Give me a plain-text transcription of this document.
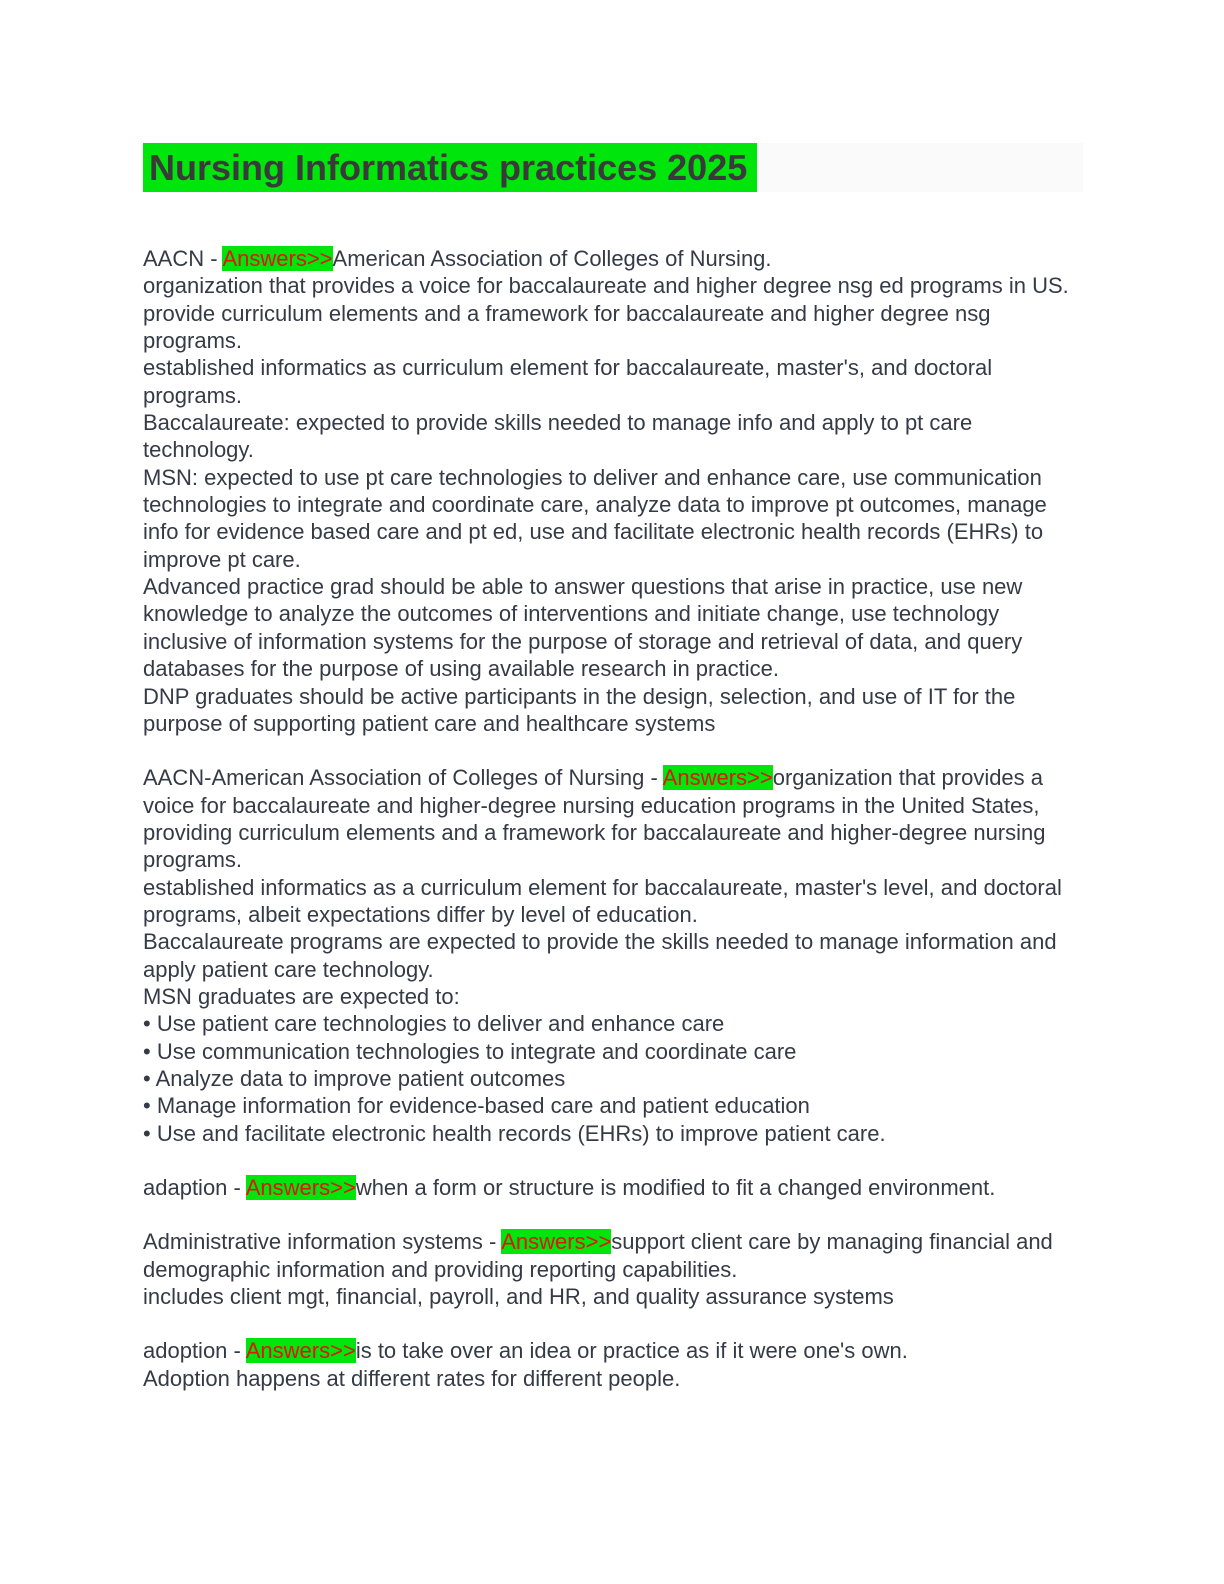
Nursing Informatics practices 2025
AACN - Answers>>American Association of Colleges of Nursing.
organization that provides a voice for baccalaureate and higher degree nsg ed programs in US.
provide curriculum elements and a framework for baccalaureate and higher degree nsg programs.
established informatics as curriculum element for baccalaureate, master's, and doctoral programs.
Baccalaureate: expected to provide skills needed to manage info and apply to pt care technology.
MSN: expected to use pt care technologies to deliver and enhance care, use communication technologies to integrate and coordinate care, analyze data to improve pt outcomes, manage info for evidence based care and pt ed, use and facilitate electronic health records (EHRs) to improve pt care.
Advanced practice grad should be able to answer questions that arise in practice, use new knowledge to analyze the outcomes of interventions and initiate change, use technology inclusive of information systems for the purpose of storage and retrieval of data, and query databases for the purpose of using available research in practice.
DNP graduates should be active participants in the design, selection, and use of IT for the purpose of supporting patient care and healthcare systems
AACN-American Association of Colleges of Nursing - Answers>>organization that provides a voice for baccalaureate and higher-degree nursing education programs in the United States, providing curriculum elements and a framework for baccalaureate and higher-degree nursing programs.
established informatics as a curriculum element for baccalaureate, master's level, and doctoral programs, albeit expectations differ by level of education.
Baccalaureate programs are expected to provide the skills needed to manage information and apply patient care technology.
MSN graduates are expected to:
• Use patient care technologies to deliver and enhance care
• Use communication technologies to integrate and coordinate care
• Analyze data to improve patient outcomes
• Manage information for evidence-based care and patient education
• Use and facilitate electronic health records (EHRs) to improve patient care.
adaption - Answers>>when a form or structure is modified to fit a changed environment.
Administrative information systems - Answers>>support client care by managing financial and demographic information and providing reporting capabilities.
includes client mgt, financial, payroll, and HR, and quality assurance systems
adoption - Answers>>is to take over an idea or practice as if it were one's own.
Adoption happens at different rates for different people.
